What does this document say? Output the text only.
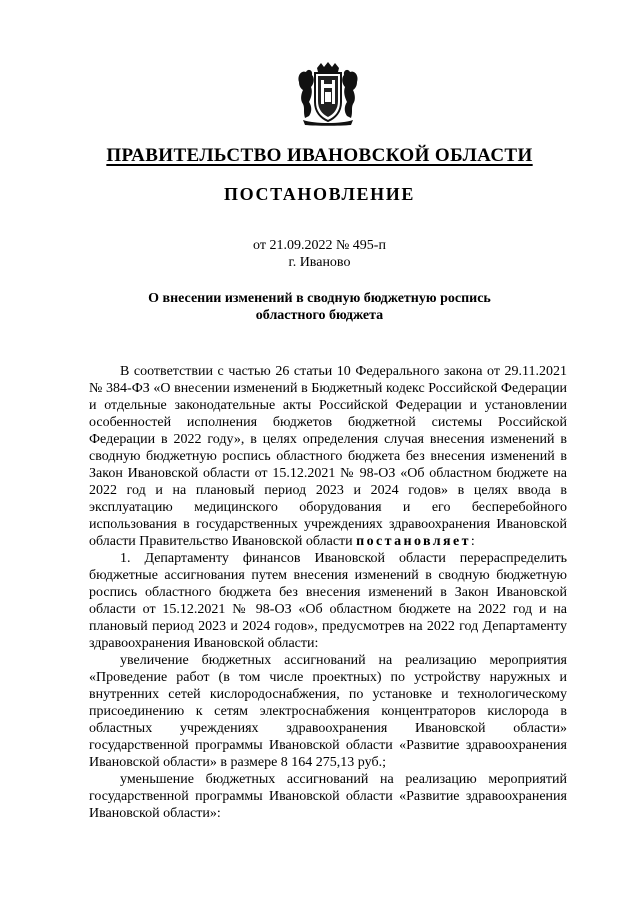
ПРАВИТЕЛЬСТВО ИВАНОВСКОЙ ОБЛАСТИ
ПОСТАНОВЛЕНИЕ
от 21.09.2022 № 495-п
г. Иваново
О внесении изменений в сводную бюджетную роспись
областного бюджета

В соответствии с частью 26 статьи 10 Федерального закона от 29.11.2021 № 384-ФЗ «О внесении изменений в Бюджетный кодекс Российской Федерации и отдельные законодательные акты Российской Федерации и установлении особенностей исполнения бюджетов бюджетной системы Российской Федерации в 2022 году», в целях определения случая внесения изменений в сводную бюджетную роспись областного бюджета без внесения изменений в Закон Ивановской области от 15.12.2021 № 98-ОЗ «Об областном бюджете на 2022 год и на плановый период 2023 и 2024 годов» в целях ввода в эксплуатацию медицинского оборудования и его бесперебойного использования в государственных учреждениях здравоохранения Ивановской области Правительство Ивановской области постановляет:

1. Департаменту финансов Ивановской области перераспределить бюджетные ассигнования путем внесения изменений в сводную бюджетную роспись областного бюджета без внесения изменений в Закон Ивановской области от 15.12.2021 № 98-ОЗ «Об областном бюджете на 2022 год и на плановый период 2023 и 2024 годов», предусмотрев на 2022 год Департаменту здравоохранения Ивановской области:

увеличение бюджетных ассигнований на реализацию мероприятия «Проведение работ (в том числе проектных) по устройству наружных и внутренних сетей кислородоснабжения, по установке и технологическому присоединению к сетям электроснабжения концентраторов кислорода в областных учреждениях здравоохранения Ивановской области» государственной программы Ивановской области «Развитие здравоохранения Ивановской области» в размере 8 164 275,13 руб.;

уменьшение бюджетных ассигнований на реализацию мероприятий государственной программы Ивановской области «Развитие здравоохранения Ивановской области»:
